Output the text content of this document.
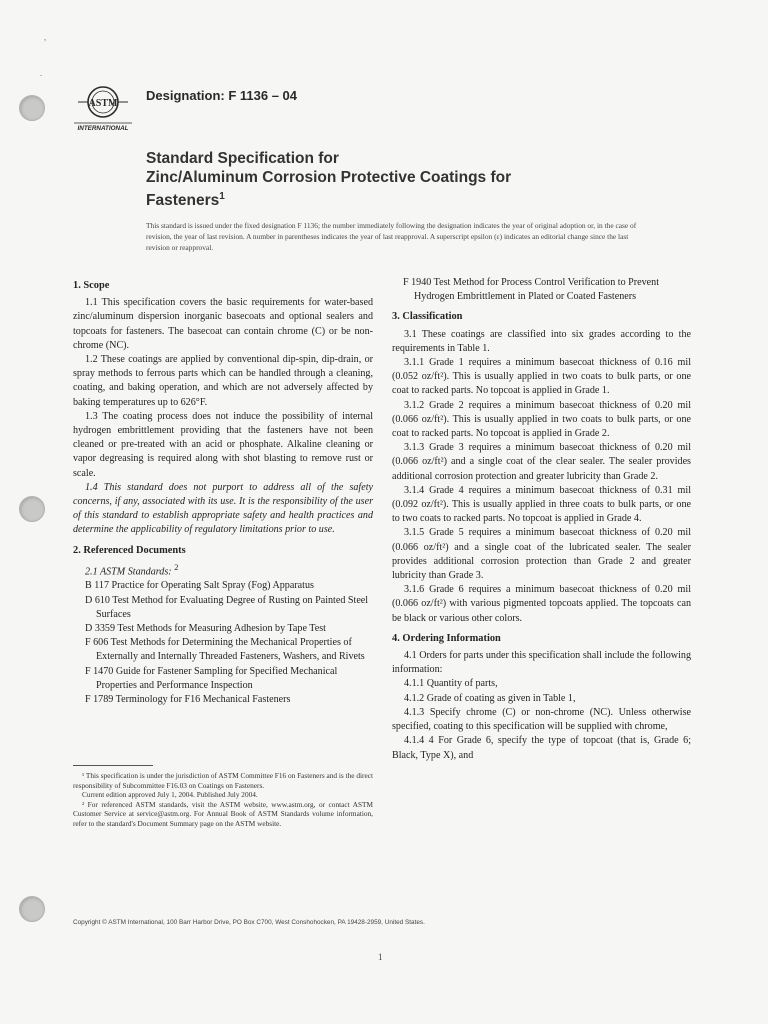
,
.
ASTM
INTERNATIONAL
Designation: F 1136 – 04
Standard Specification for
Zinc/Aluminum Corrosion Protective Coatings for
Fasteners$^1$
This standard is issued under the fixed designation F 1136; the number immediately following the designation indicates the year of original adoption or, in the case of revision, the year of last revision. A number in parentheses indicates the year of last reapproval. A superscript epsilon (ε) indicates an editorial change since the last revision or reapproval.
1. Scope

1.1 This specification covers the basic requirements for water-based zinc/aluminum dispersion inorganic basecoats and optional sealers and topcoats for fasteners. The basecoat can contain chrome (C) or be non-chrome (NC).

1.2 These coatings are applied by conventional dip-spin, dip-drain, or spray methods to ferrous parts which can be handled through a cleaning, coating, and baking operation, and which are not adversely affected by baking temperatures up to 626°F.

1.3 The coating process does not induce the possibility of internal hydrogen embrittlement providing that the fasteners have not been cleaned or pre-treated with an acid or phosphate. Alkaline cleaning or vapor degreasing is required along with shot blasting to remove rust or scale.

1.4 This standard does not purport to address all of the safety concerns, if any, associated with its use. It is the responsibility of the user of this standard to establish appropriate safety and health practices and determine the applicability of regulatory limitations prior to use.

2. Referenced Documents

2.1 ASTM Standards: $^2$

B 117 Practice for Operating Salt Spray (Fog) Apparatus

D 610 Test Method for Evaluating Degree of Rusting on Painted Steel Surfaces

D 3359 Test Methods for Measuring Adhesion by Tape Test

F 606 Test Methods for Determining the Mechanical Properties of Externally and Internally Threaded Fasteners, Washers, and Rivets

F 1470 Guide for Fastener Sampling for Specified Mechanical Properties and Performance Inspection

F 1789 Terminology for F16 Mechanical Fasteners

F 1940 Test Method for Process Control Verification to Prevent Hydrogen Embrittlement in Plated or Coated Fasteners

3. Classification

3.1 These coatings are classified into six grades according to the requirements in Table 1.

3.1.1 Grade 1 requires a minimum basecoat thickness of 0.16 mil (0.052 oz/ft²). This is usually applied in two coats to bulk parts, or one coat to racked parts. No topcoat is applied in Grade 1.

3.1.2 Grade 2 requires a minimum basecoat thickness of 0.20 mil (0.066 oz/ft²). This is usually applied in two coats to bulk parts, or one coat to racked parts. No topcoat is applied in Grade 2.

3.1.3 Grade 3 requires a minimum basecoat thickness of 0.20 mil (0.066 oz/ft²) and a single coat of the clear sealer. The sealer provides additional corrosion protection and greater lubricity than Grade 2.

3.1.4 Grade 4 requires a minimum basecoat thickness of 0.31 mil (0.092 oz/ft²). This is usually applied in three coats to bulk parts, or one to two coats to racked parts. No topcoat is applied in Grade 4.

3.1.5 Grade 5 requires a minimum basecoat thickness of 0.20 mil (0.066 oz/ft²) and a single coat of the lubricated sealer. The sealer provides additional corrosion protection than Grade 2 and greater lubricity than Grade 3.

3.1.6 Grade 6 requires a minimum basecoat thickness of 0.20 mil (0.066 oz/ft²) with various pigmented topcoats applied. The topcoats can be black or various other colors.

4. Ordering Information

4.1 Orders for parts under this specification shall include the following information:

4.1.1 Quantity of parts,

4.1.2 Grade of coating as given in Table 1,

4.1.3 Specify chrome (C) or non-chrome (NC). Unless otherwise specified, coating to this specification will be supplied with chrome,

4.1.4 4 For Grade 6, specify the type of topcoat (that is, Grade 6; Black, Type X), and

¹ This specification is under the jurisdiction of ASTM Committee F16 on Fasteners and is the direct responsibility of Subcommittee F16.03 on Coatings on Fasteners.

Current edition approved July 1, 2004. Published July 2004.

² For referenced ASTM standards, visit the ASTM website, www.astm.org, or contact ASTM Customer Service at service@astm.org. For Annual Book of ASTM Standards volume information, refer to the standard's Document Summary page on the ASTM website.

Copyright © ASTM International, 100 Barr Harbor Drive, PO Box C700, West Conshohocken, PA 19428-2959, United States.
1
